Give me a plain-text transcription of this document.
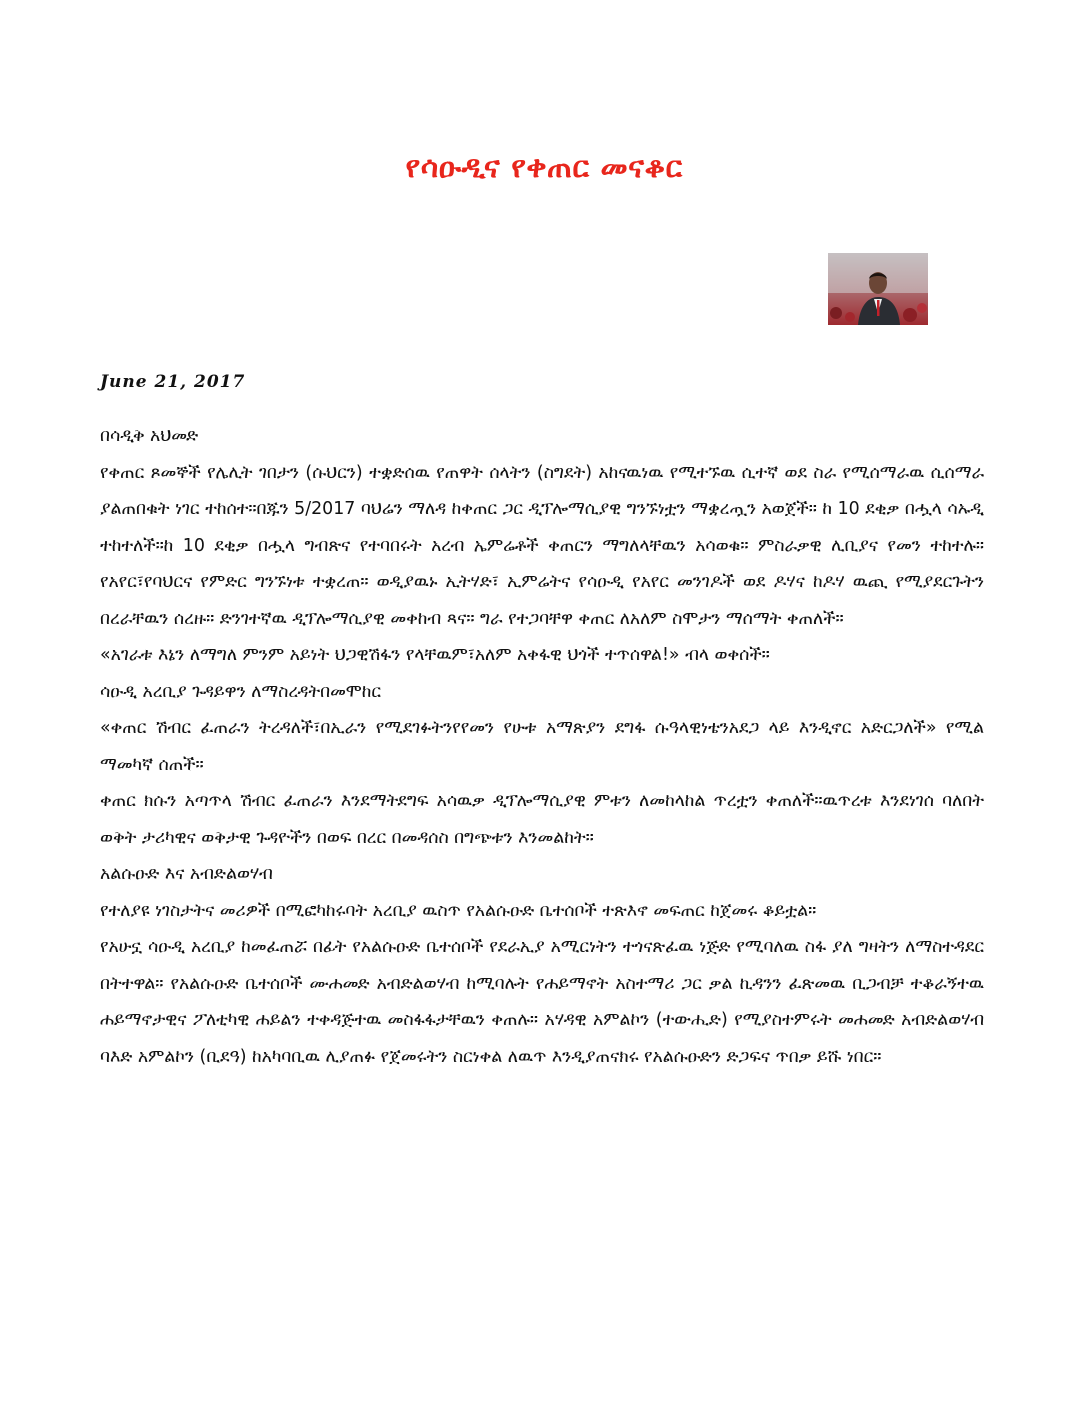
የሳዑዲና የቀጠር መናቆር
June 21, 2017

በሳዲቅ አህመድ

የቀጠር ጾመኞች የሌሊት ገበታን (ሱህርን) ተቋድሰዉ የጠዋት ሰላትን (ስግደት) አከናዉነዉ የሚተኙዉ ሲተኛ ወደ ስራ የሚሰማራዉ ሲሰማራ ያልጠበቁት ነገር ተከሰተ።በጁን 5/2017 ባህሬን ማለዳ ከቀጠር ጋር ዲፕሎማሲያዊ ግንኙነቷን ማቋረጧን አወጀች። ከ 10 ደቂቃ በሗላ ሳኡዲ ተከተለች።ከ 10 ደቂቃ በሗላ ግብጽና የተባበሩት አረብ ኤምሬቶች ቀጠርን ማግለላቸዉን አሳወቁ። ምስራቃዊ ሊቢያና የመን ተከተሉ። የአየር፣የባህርና የምድር ግንኙነቱ ተቋረጠ። ወዲያዉኑ ኢትሃድ፣ ኢምሬትና የሳዑዲ የአየር መንገዶች ወደ ዶሃና ከዶሃ ዉጪ የሚያደርጉትን በረራቸዉን ሰረዙ። ድንገተኛዉ ዲፕሎማሲያዊ መቀከብ ጻና። ግራ የተጋባቸዋ ቀጠር ለአለም ስሞታን ማሰማት ቀጠለች።

«አገራቱ እኔን ለማግለ ምንም አይነት ህጋዊሽፋን የላቸዉም፣አለም አቀፋዊ ህጎች ተጥሰዋል!» ብላ ወቀሰች።

ሳዑዲ አረቢያ ጉዳይዋን ለማስረዳትበመሞከር

«ቀጠር ሽብር ፈጠራን ትረዳለች፣በኢራን የሚደገፉትንየየመን የሁቱ አማጽያን ደግፋ ሱዓላዊነቴንአደጋ ላይ እንዲኖር አድርጋለች» የሚል ማመካኛ ሰጠች።

ቀጠር ክሱን አጣጥላ ሽብር ፈጠራን እንደማትደግፍ አሳዉቃ ዲፕሎማሲያዊ ምቱን ለመከላከል ጥረቷን ቀጠለች።ዉጥረቱ እንደነገሰ ባለበት ወቅት ታሪካዊና ወቅታዊ ጉዳዮችን በወፍ በረር በመዳሰስ በግጭቱን እንመልከት።

አልሱዑድ እና አብድልወሃብ

የተለያዩ ነገስታትና መሪዎች በሚፎካከሩባት አረቢያ ዉስጥ የአልሱዑድ ቤተሰቦች ተጽእኖ መፍጠር ከጀመሩ ቆይቷል።

የአሁኗ ሳዑዲ አረቢያ ከመፈጠሯ በፊት የአልሱዑድ ቤተሰቦች የደራኢያ አሚርነትን ተጎናጽፈዉ ነጅድ የሚባለዉ ስፋ ያለ ግዛትን ለማስተዳደር በትተዋል። የአልሱዑድ ቤተሰቦች ሙሐመድ አብድልወሃብ ከሚባሉት የሐይማኖት አስተማሪ ጋር ቃል ኪዳንን ፈጽመዉ ቢጋብቻ ተቆራኝተዉ ሐይማኖታዊና ፖለቲካዊ ሐይልን ተቀዳጅተዉ መስፋፋታቸዉን ቀጠሉ። አሃዳዊ አምልኮን (ተውሒድ) የሚያስተምሩት መሐመድ አብድልወሃብ ባእድ አምልኮን (ቢደዓ) ከአካባቢዉ ሊያጠፉ የጀመሩትን ስርነቀል ለዉጥ እንዲያጠናክሩ የአልሱዑድን ድጋፍና ጥበቃ ይሹ ነበር።
